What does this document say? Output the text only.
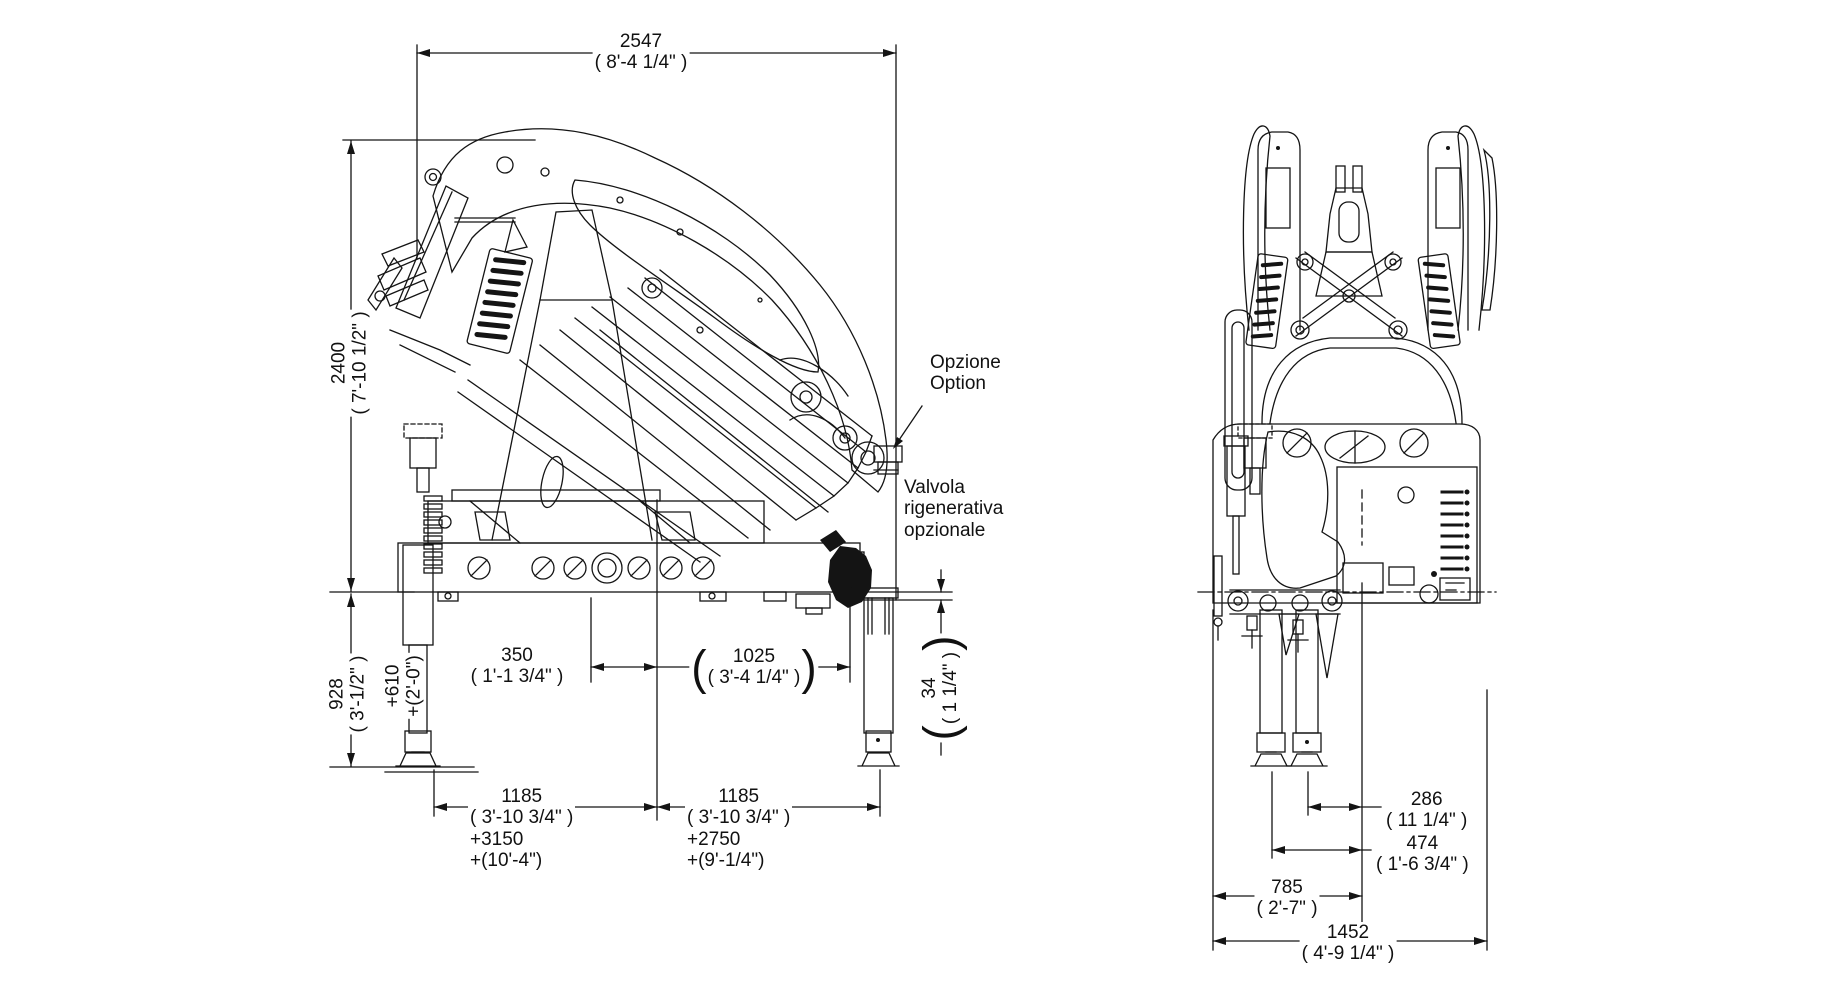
2547
( 8'-4 1/4" )
2400 ( 7'-10 1/2" )
350
( 1'-1 3/4" )	(	1025
( 3'-4 1/4" ) )
928 ( 3'-1/2" ) +610 +(2'-0")
(
34 ( 1 1/4" )
)
1185
( 3'-10 3/4" )
+3150
+(10'-4")
1185
( 3'-10 3/4" )
+2750
+(9'-1/4")
Opzione
Option
Valvola
rigenerativa
opzionale
286
( 11 1/4" )
474
( 1'-6 3/4" )
785
( 2'-7" )
1452
( 4'-9 1/4" )
